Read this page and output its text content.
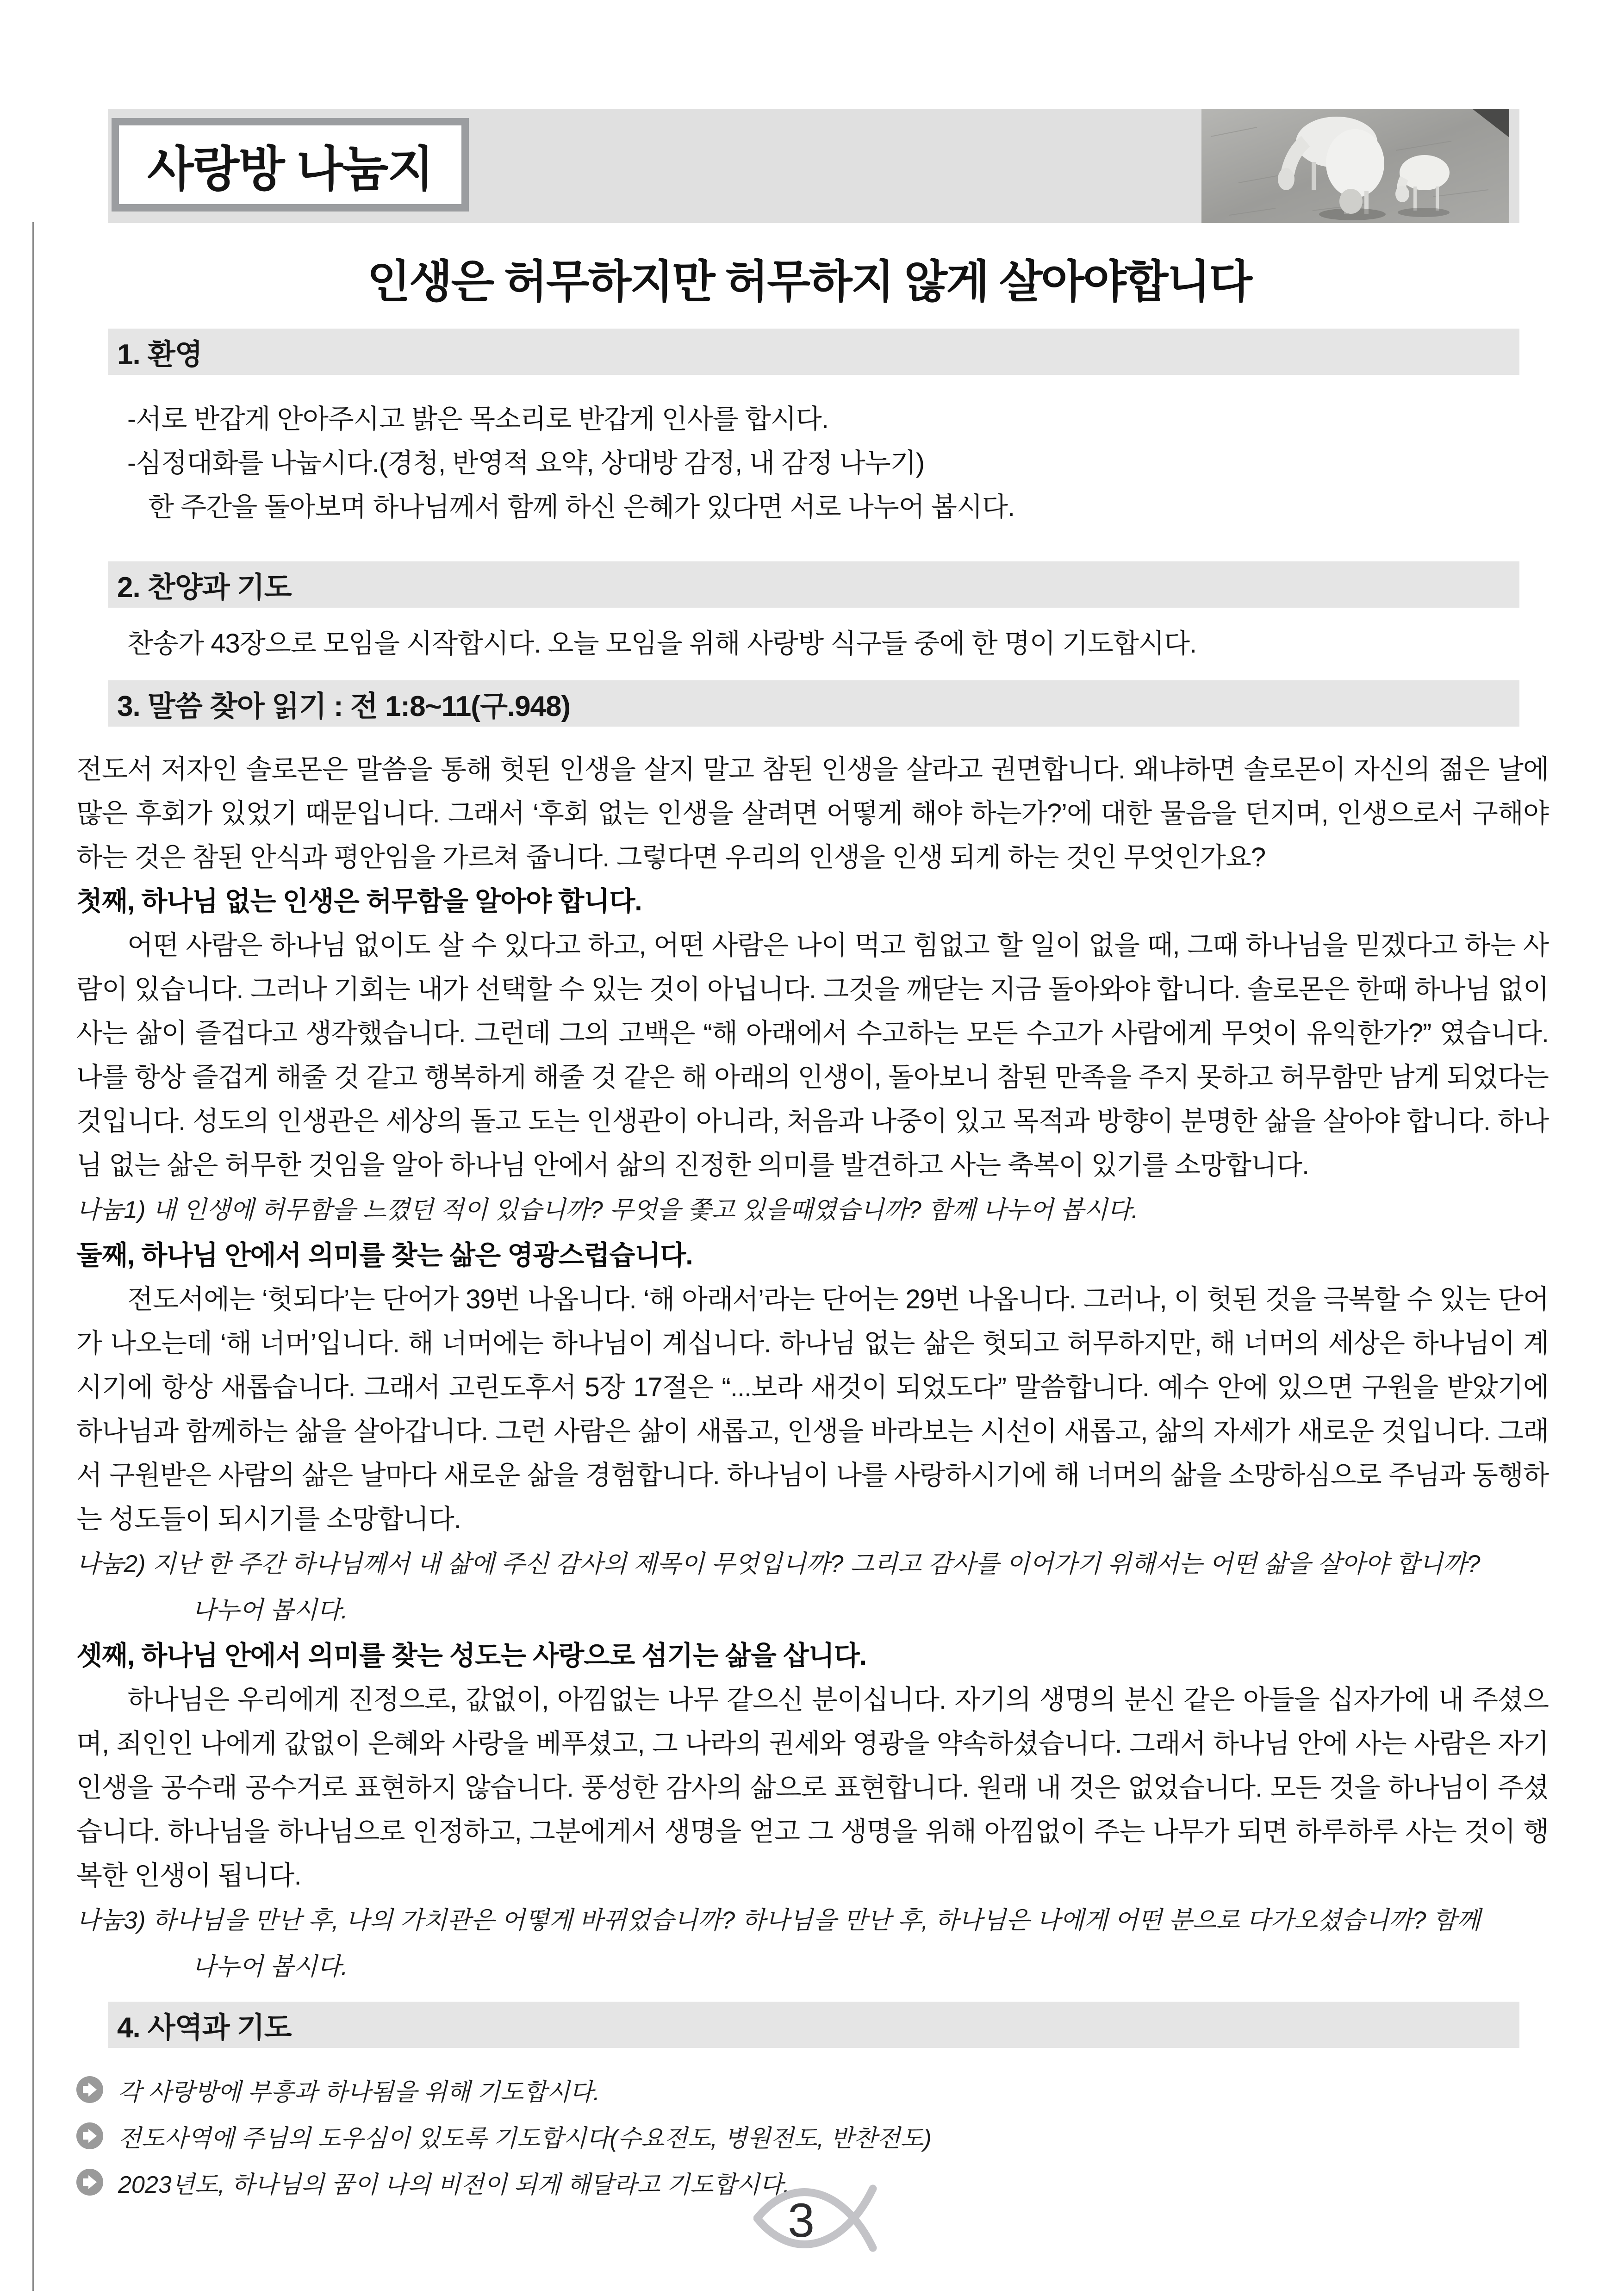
사랑방 나눔지
인생은 허무하지만 허무하지 않게 살아야합니다
1. 환영
-서로 반갑게 안아주시고 밝은 목소리로 반갑게 인사를 합시다.
-심정대화를 나눕시다.(경청, 반영적 요약, 상대방 감정, 내 감정 나누기)
한 주간을 돌아보며 하나님께서 함께 하신 은혜가 있다면 서로 나누어 봅시다.
2. 찬양과 기도
찬송가 43장으로 모임을 시작합시다. 오늘 모임을 위해 사랑방 식구들 중에 한 명이 기도합시다.
3. 말씀 찾아 읽기 : 전 1:8~11(구.948)
전도서 저자인 솔로몬은 말씀을 통해 헛된 인생을 살지 말고 참된 인생을 살라고 권면합니다. 왜냐하면 솔로몬이 자신의 젊은 날에 많은 후회가 있었기 때문입니다. 그래서 ‘후회 없는 인생을 살려면 어떻게 해야 하는가?’에 대한 물음을 던지며, 인생으로서 구해야 하는 것은 참된 안식과 평안임을 가르쳐 줍니다. 그렇다면 우리의 인생을 인생 되게 하는 것인 무엇인가요?
첫째, 하나님 없는 인생은 허무함을 알아야 합니다.
어떤 사람은 하나님 없이도 살 수 있다고 하고, 어떤 사람은 나이 먹고 힘없고 할 일이 없을 때, 그때 하나님을 믿겠다고 하는 사람이 있습니다. 그러나 기회는 내가 선택할 수 있는 것이 아닙니다. 그것을 깨닫는 지금 돌아와야 합니다. 솔로몬은 한때 하나님 없이 사는 삶이 즐겁다고 생각했습니다. 그런데 그의 고백은 “해 아래에서 수고하는 모든 수고가 사람에게 무엇이 유익한가?” 였습니다. 나를 항상 즐겁게 해줄 것 같고 행복하게 해줄 것 같은 해 아래의 인생이, 돌아보니 참된 만족을 주지 못하고 허무함만 남게 되었다는 것입니다. 성도의 인생관은 세상의 돌고 도는 인생관이 아니라, 처음과 나중이 있고 목적과 방향이 분명한 삶을 살아야 합니다. 하나님 없는 삶은 허무한 것임을 알아 하나님 안에서 삶의 진정한 의미를 발견하고 사는 축복이 있기를 소망합니다.
나눔1) 내 인생에 허무함을 느꼈던 적이 있습니까? 무엇을 쫓고 있을때였습니까? 함께 나누어 봅시다.
둘째, 하나님 안에서 의미를 찾는 삶은 영광스럽습니다.
전도서에는 ‘헛되다’는 단어가 39번 나옵니다. ‘해 아래서’라는 단어는 29번 나옵니다. 그러나, 이 헛된 것을 극복할 수 있는 단어가 나오는데 ‘해 너머’입니다. 해 너머에는 하나님이 계십니다. 하나님 없는 삶은 헛되고 허무하지만, 해 너머의 세상은 하나님이 계시기에 항상 새롭습니다. 그래서 고린도후서 5장 17절은 “...보라 새것이 되었도다” 말씀합니다. 예수 안에 있으면 구원을 받았기에 하나님과 함께하는 삶을 살아갑니다. 그런 사람은 삶이 새롭고, 인생을 바라보는 시선이 새롭고, 삶의 자세가 새로운 것입니다. 그래서 구원받은 사람의 삶은 날마다 새로운 삶을 경험합니다. 하나님이 나를 사랑하시기에 해 너머의 삶을 소망하심으로 주님과 동행하는 성도들이 되시기를 소망합니다.
나눔2) 지난 한 주간 하나님께서 내 삶에 주신 감사의 제목이 무엇입니까? 그리고 감사를 이어가기 위해서는 어떤 삶을 살아야 합니까?
나누어 봅시다.
셋째, 하나님 안에서 의미를 찾는 성도는 사랑으로 섬기는 삶을 삽니다.
하나님은 우리에게 진정으로, 값없이, 아낌없는 나무 같으신 분이십니다. 자기의 생명의 분신 같은 아들을 십자가에 내 주셨으며, 죄인인 나에게 값없이 은혜와 사랑을 베푸셨고, 그 나라의 권세와 영광을 약속하셨습니다. 그래서 하나님 안에 사는 사람은 자기 인생을 공수래 공수거로 표현하지 않습니다. 풍성한 감사의 삶으로 표현합니다. 원래 내 것은 없었습니다. 모든 것을 하나님이 주셨습니다. 하나님을 하나님으로 인정하고, 그분에게서 생명을 얻고 그 생명을 위해 아낌없이 주는 나무가 되면 하루하루 사는 것이 행복한 인생이 됩니다.
나눔3) 하나님을 만난 후, 나의 가치관은 어떻게 바뀌었습니까? 하나님을 만난 후, 하나님은 나에게 어떤 분으로 다가오셨습니까? 함께
나누어 봅시다.
4. 사역과 기도
각 사랑방에 부흥과 하나됨을 위해 기도합시다.
전도사역에 주님의 도우심이 있도록 기도합시다(수요전도, 병원전도, 반찬전도)
2023년도, 하나님의 꿈이 나의 비전이 되게 해달라고 기도합시다.
3
